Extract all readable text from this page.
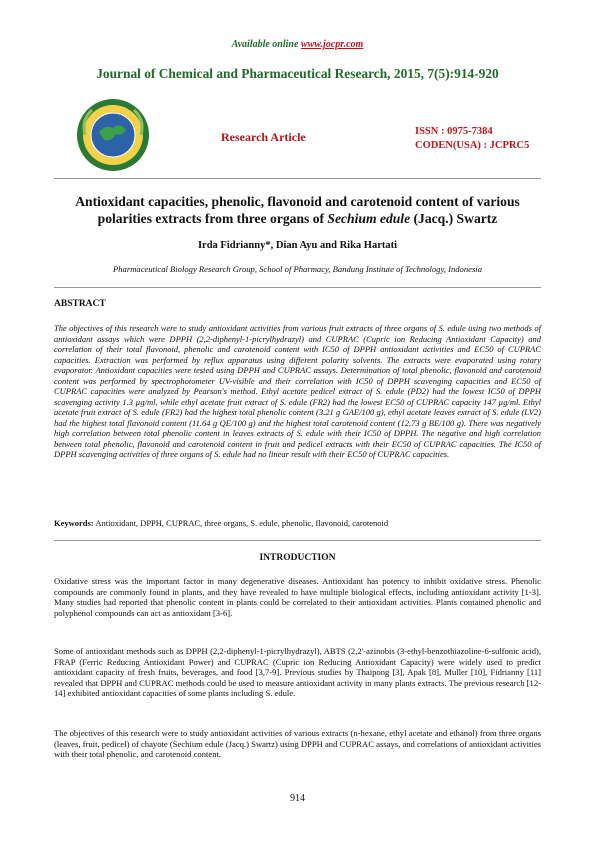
Available online www.jocpr.com
Journal of Chemical and Pharmaceutical Research, 2015, 7(5):914-920
Research Article	ISSN : 0975-7384
CODEN(USA) : JCPRC5
Antioxidant capacities, phenolic, flavonoid and carotenoid content of various polarities extracts from three organs of Sechium edule (Jacq.) Swartz
Irda Fidrianny*, Dian Ayu and Rika Hartati
Pharmaceutical Biology Research Group, School of Pharmacy, Bandung Institute of Technology, Indonesia
ABSTRACT
The objectives of this research were to study antioxidant activities from various fruit extracts of three organs of S. edule using two methods of antioxidant assays which were DPPH (2,2-diphenyl-1-picrylhydrazyl) and CUPRAC (Cupric ion Reducing Antioxidant Capacity) and correlation of their total flavonoid, phenolic and carotenoid content with IC50 of DPPH antioxidant activities and EC50 of CUPRAC capacities. Extraction was performed by reflux apparatus using different polarity solvents. The extracts were evaporated using rotary evaporator. Antioxidant capacities were tested using DPPH and CUPRAC assays. Determination of total phenolic, flavonoid and carotenoid content was performed by spectrophotometer UV-visible and their correlation with IC50 of DPPH scavenging capacities and EC50 of CUPRAC capacities were analyzed by Pearson's method. Ethyl acetate pedicel extract of S. edule (PD2) had the lowest IC50 of DPPH scavenging activity 1.3 µg/ml, while ethyl acetate fruit extract of S. edule (FR2) had the lowest EC50 of CUPRAC capacity 147 µg/ml. Ethyl acetate fruit extract of S. edule (FR2) had the highest total phenolic content (3.21 g GAE/100 g), ethyl acetate leaves extract of S. edule (LV2) had the highest total flavonoid content (11.64 g QE/100 g) and the highest total carotenoid content (12.73 g BE/100 g). There was negatively high correlation between total phenolic content in leaves extracts of S. edule with their IC50 of DPPH. The negative and high correlation between total phenolic, flavonoid and carotenoid content in fruit and pedicel extracts with their EC50 of CUPRAC capacities. The IC50 of DPPH scavenging activities of three organs of S. edule had no linear result with their EC50 of CUPRAC capacities.
Keywords: Antioxidant, DPPH, CUPRAC, three organs, S. edule, phenolic, flavonoid, carotenoid
INTRODUCTION
Oxidative stress was the important factor in many degenerative diseases. Antioxidant has potency to inhibit oxidative stress. Phenolic compounds are commonly found in plants, and they have revealed to have multiple biological effects, including antioxidant activity [1-3]. Many studies had reported that phenolic content in plants could be correlated to their antioxidant activities. Plants contained phenolic and polyphenol compounds can act as antioxidant [3-6].
Some of antioxidant methods such as DPPH (2,2-diphenyl-1-picrylhydrazyl), ABTS (2,2'-azinobis (3-ethyl-benzothiazoline-6-sulfonic acid), FRAP (Ferric Reducing Antioxidant Power) and CUPRAC (Cupric ion Reducing Antioxidant Capacity) were widely used to predict antioxidant capacity of fresh fruits, beverages, and food [3,7-9]. Previous studies by Thaipong [3], Apak [8], Muller [10], Fidrianny [11] revealed that DPPH and CUPRAC methods could be used to measure antioxidant activity in many plants extracts. The previous research [12-14] exhibited antioxidant capacities of some plants including S. edule.
The objectives of this research were to study antioxidant activities of various extracts (n-hexane, ethyl acetate and ethanol) from three organs (leaves, fruit, pedicel) of chayote (Sechium edule (Jacq.) Swartz) using DPPH and CUPRAC assays, and correlations of antioxidant activities with their total phenolic, and carotenoid content.
914
